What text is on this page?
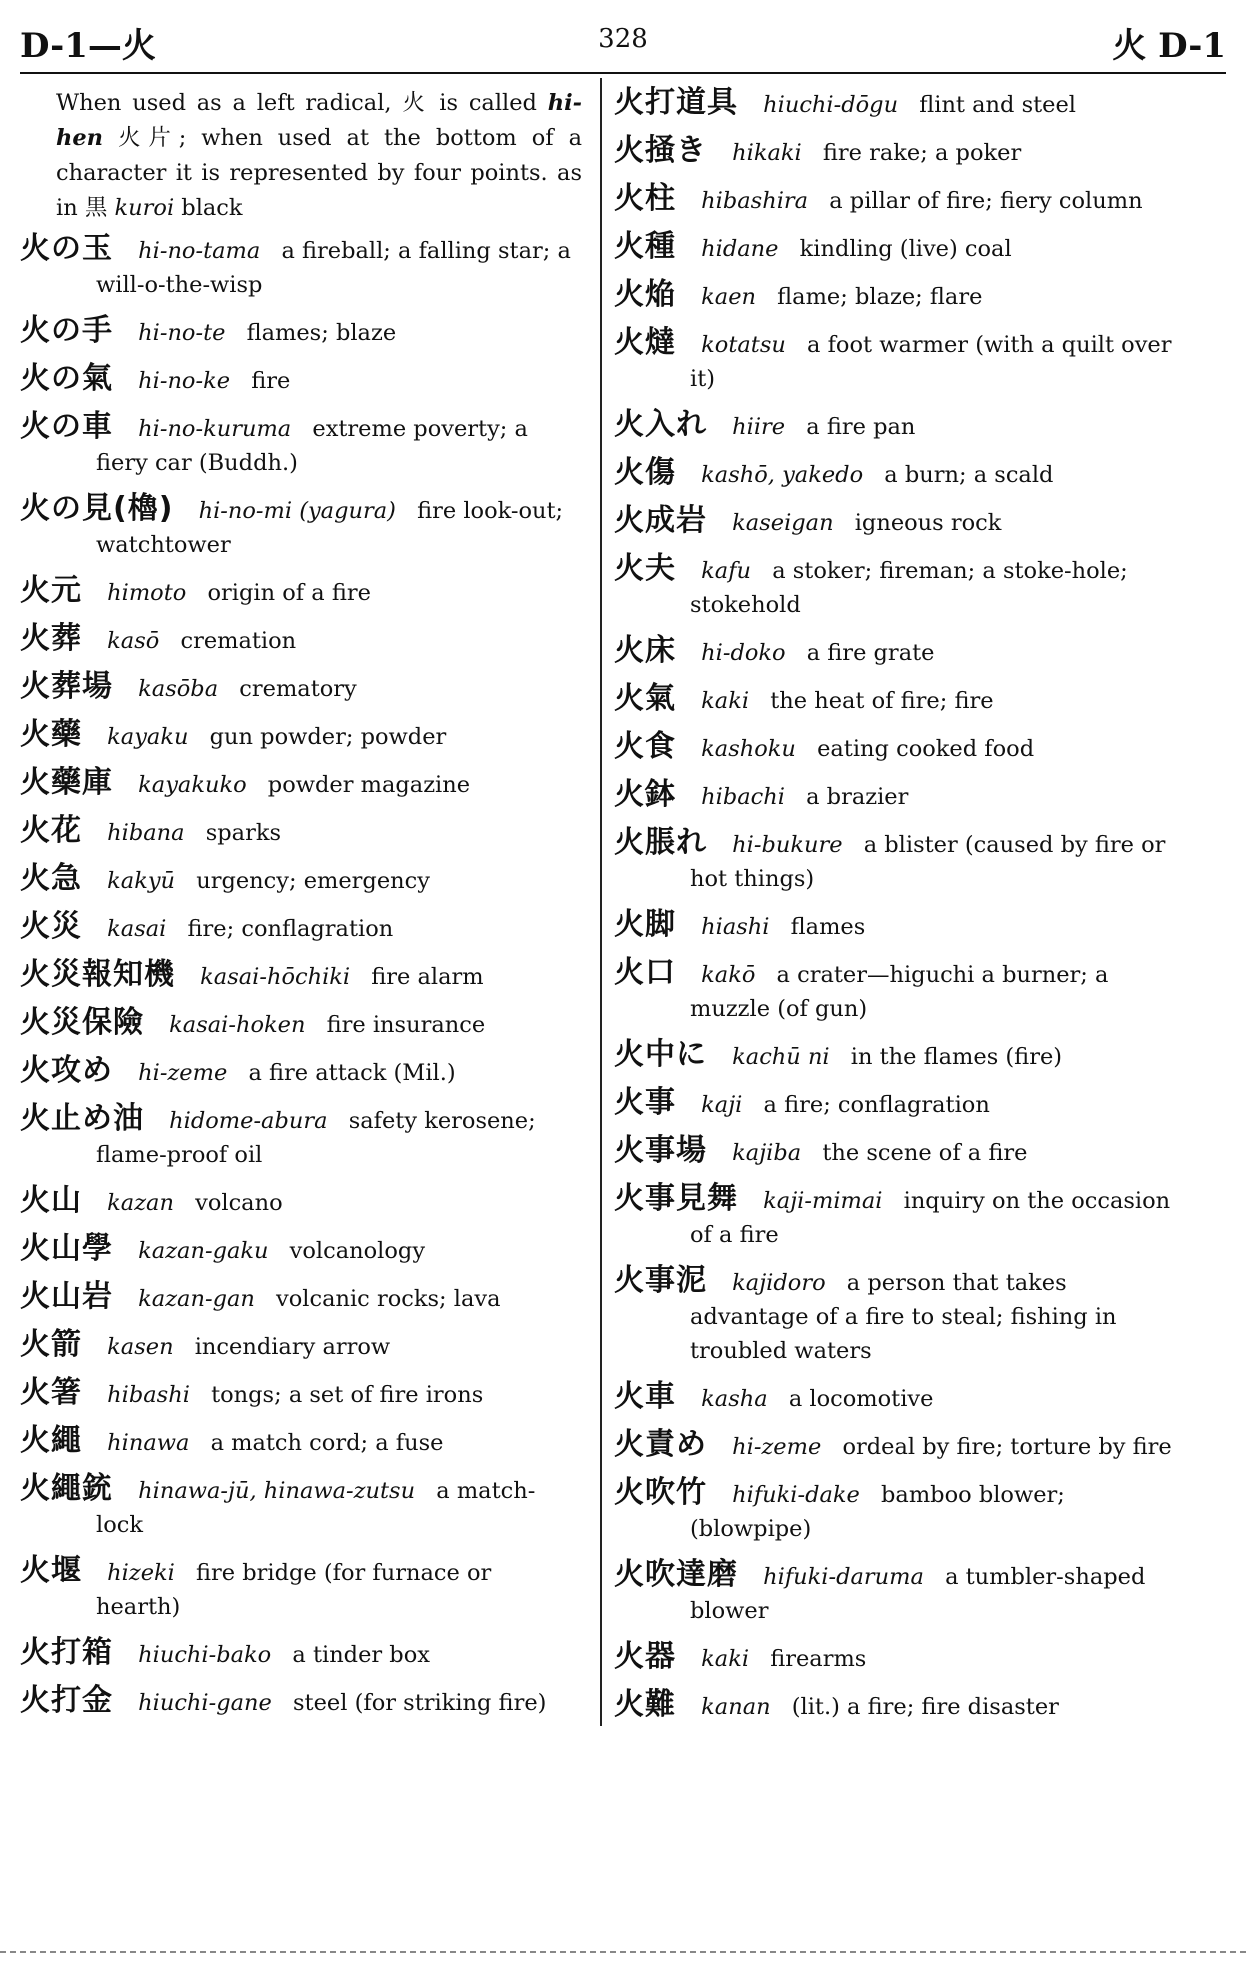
D-1—火	328	火 D-1
When used as a left radical, 火 is called hi-hen 火片; when used at the bottom of a character it is represented by four points. as in 黒 kuroi black
火の玉 hi-no-tama a fireball; a falling star; a will-o-the-wisp
火の手 hi-no-te flames; blaze
火の氣 hi-no-ke fire
火の車 hi-no-kuruma extreme poverty; a fiery car (Buddh.)
火の見(櫓) hi-no-mi (yagura) fire look-out; watchtower
火元 himoto origin of a fire
火葬 kasō cremation
火葬場 kasōba crematory
火藥 kayaku gun powder; powder
火藥庫 kayakuko powder magazine
火花 hibana sparks
火急 kakyū urgency; emergency
火災 kasai fire; conflagration
火災報知機 kasai-hōchiki fire alarm
火災保險 kasai-hoken fire insurance
火攻め hi-zeme a fire attack (Mil.)
火止め油 hidome-abura safety kerosene; flame-proof oil
火山 kazan volcano
火山學 kazan-gaku volcanology
火山岩 kazan-gan volcanic rocks; lava
火箭 kasen incendiary arrow
火箸 hibashi tongs; a set of fire irons
火繩 hinawa a match cord; a fuse
火繩銃 hinawa-jū, hinawa-zutsu a match-lock
火堰 hizeki fire bridge (for furnace or hearth)
火打箱 hiuchi-bako a tinder box
火打金 hiuchi-gane steel (for striking fire)
火打道具 hiuchi-dōgu flint and steel
火掻き hikaki fire rake; a poker
火柱 hibashira a pillar of fire; fiery column
火種 hidane kindling (live) coal
火焔 kaen flame; blaze; flare
火燵 kotatsu a foot warmer (with a quilt over it)
火入れ hiire a fire pan
火傷 kashō, yakedo a burn; a scald
火成岩 kaseigan igneous rock
火夫 kafu a stoker; fireman; a stoke-hole; stokehold
火床 hi-doko a fire grate
火氣 kaki the heat of fire; fire
火食 kashoku eating cooked food
火鉢 hibachi a brazier
火脹れ hi-bukure a blister (caused by fire or hot things)
火脚 hiashi flames
火口 kakō a crater—higuchi a burner; a muzzle (of gun)
火中に kachū ni in the flames (fire)
火事 kaji a fire; conflagration
火事場 kajiba the scene of a fire
火事見舞 kaji-mimai inquiry on the occasion of a fire
火事泥 kajidoro a person that takes advantage of a fire to steal; fishing in troubled waters
火車 kasha a locomotive
火責め hi-zeme ordeal by fire; torture by fire
火吹竹 hifuki-dake bamboo blower; (blowpipe)
火吹達磨 hifuki-daruma a tumbler-shaped blower
火器 kaki firearms
火難 kanan (lit.) a fire; fire disaster
